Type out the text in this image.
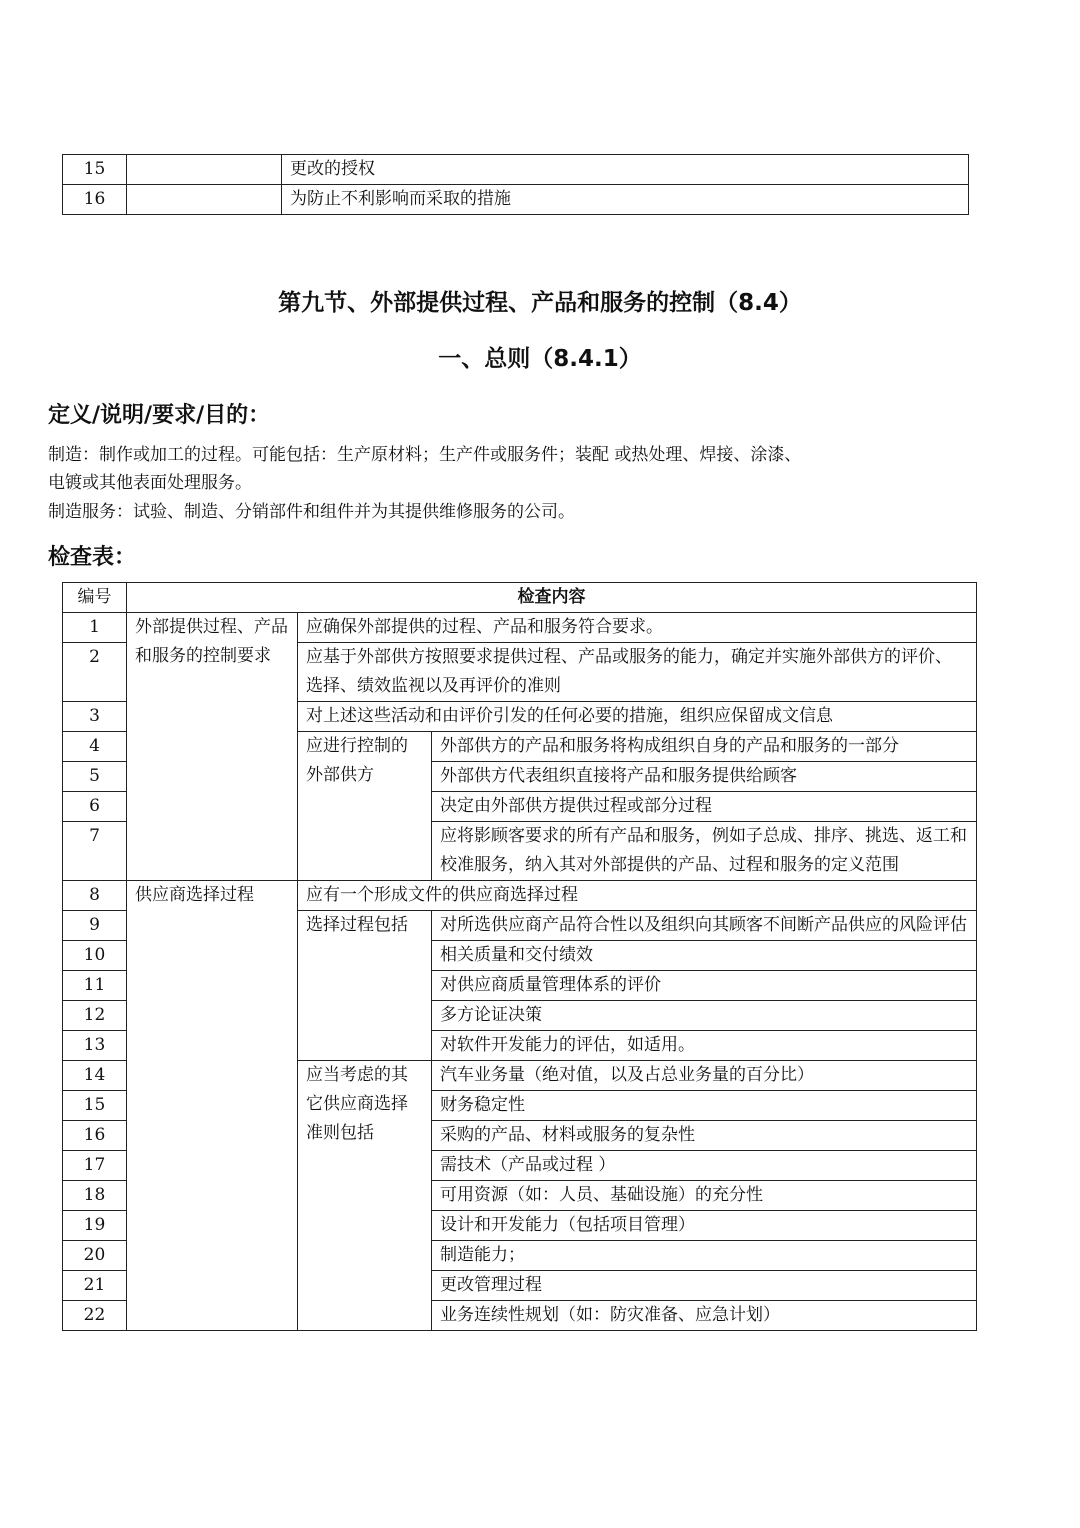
15		更改的授权
16		为防止不利影响而采取的措施
第九节、外部提供过程、产品和服务的控制（8.4）
一、总则（8.4.1）
定义/说明/要求/目的：
制造：制作或加工的过程。可能包括：生产原材料；生产件或服务件；装配 或热处理、焊接、涂漆、
电镀或其他表面处理服务。
制造服务：试验、制造、分销部件和组件并为其提供维修服务的公司。
检查表：
编号	检查内容		
1	外部提供过程、产品和服务的控制要求	应确保外部提供的过程、产品和服务符合要求。	
2		应基于外部供方按照要求提供过程、产品或服务的能力，确定并实施外部供方的评价、选择、绩效监视以及再评价的准则	
3		对上述这些活动和由评价引发的任何必要的措施，组织应保留成文信息	
4		应进行控制的外部供方	外部供方的产品和服务将构成组织自身的产品和服务的一部分
5			外部供方代表组织直接将产品和服务提供给顾客
6			决定由外部供方提供过程或部分过程
7			应将影顾客要求的所有产品和服务，例如子总成、排序、挑选、返工和校准服务，纳入其对外部提供的产品、过程和服务的定义范围
8	供应商选择过程	应有一个形成文件的供应商选择过程	
9		选择过程包括	对所选供应商产品符合性以及组织向其顾客不间断产品供应的风险评估
10			相关质量和交付绩效
11			对供应商质量管理体系的评价
12			多方论证决策
13			对软件开发能力的评估，如适用。
14		应当考虑的其它供应商选择准则包括	汽车业务量（绝对值，以及占总业务量的百分比）
15			财务稳定性
16			采购的产品、材料或服务的复杂性
17			需技术（产品或过程 ）
18			可用资源（如：人员、基础设施）的充分性
19			设计和开发能力（包括项目管理）
20			制造能力；
21			更改管理过程
22			业务连续性规划（如：防灾准备、应急计划）
